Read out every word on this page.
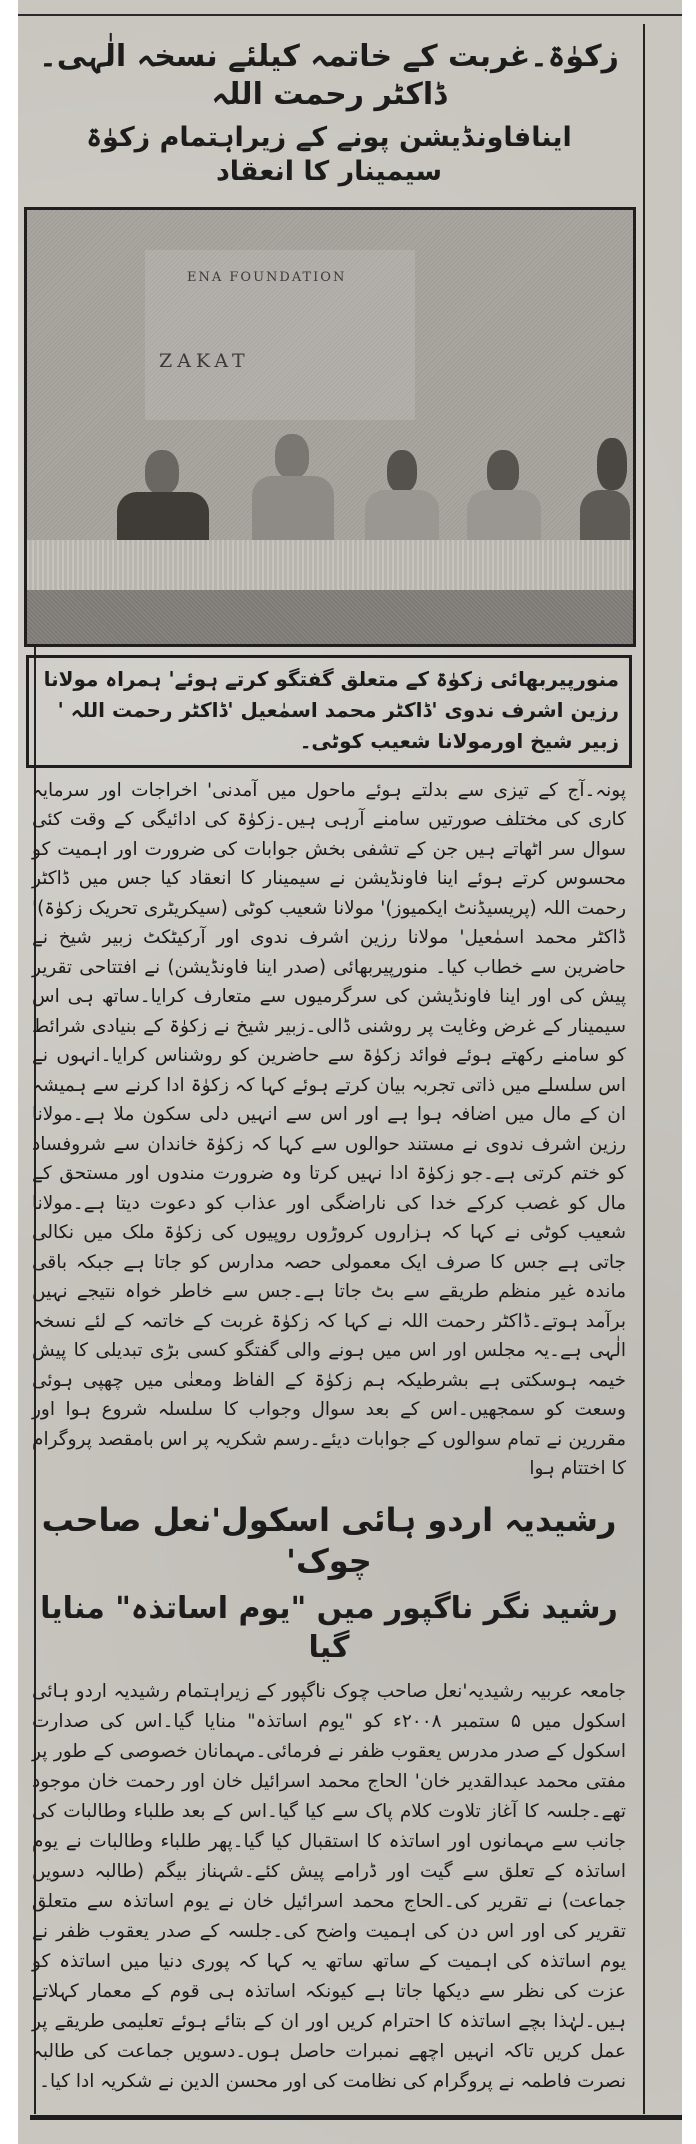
زکوٰۃ۔غربت کے خاتمہ کیلئے نسخہ الٰہی۔ڈاکٹر رحمت اللہ
اینافاونڈیشن پونے کے زیراہتمام زکوٰۃ سیمینار کا انعقاد
ENA FOUNDATION
ZAKAT
منورپیربھائی زکوٰۃ کے متعلق گفتگو کرتے ہوئے' ہمراہ مولانا رزین اشرف ندوی 'ڈاکٹر محمد اسمٰعیل 'ڈاکٹر رحمت اللہ ' زبیر شیخ اورمولانا شعیب کوٹی۔

پونہ۔آج کے تیزی سے بدلتے ہوئے ماحول میں آمدنی' اخراجات اور سرمایہ کاری کی مختلف صورتیں سامنے آرہی ہیں۔زکوٰۃ کی ادائیگی کے وقت کئی سوال سر اٹھاتے ہیں جن کے تشفی بخش جوابات کی ضرورت اور اہمیت کو محسوس کرتے ہوئے اینا فاونڈیشن نے سیمینار کا انعقاد کیا جس میں ڈاکٹر رحمت اللہ (پریسیڈنٹ ایکمیوز)' مولانا شعیب کوٹی (سیکریٹری تحریک زکوٰۃ)' ڈاکٹر محمد اسمٰعیل' مولانا رزین اشرف ندوی اور آرکیٹکٹ زبیر شیخ نے حاضرین سے خطاب کیا۔ منورپیربھائی (صدر اینا فاونڈیشن) نے افتتاحی تقریر پیش کی اور اینا فاونڈیشن کی سرگرمیوں سے متعارف کرایا۔ساتھ ہی اس سیمینار کے غرض وغایت پر روشنی ڈالی۔زبیر شیخ نے زکوٰۃ کے بنیادی شرائط کو سامنے رکھتے ہوئے فوائد زکوٰۃ سے حاضرین کو روشناس کرایا۔انہوں نے اس سلسلے میں ذاتی تجربہ بیان کرتے ہوئے کہا کہ زکوٰۃ ادا کرنے سے ہمیشہ ان کے مال میں اضافہ ہوا ہے اور اس سے انہیں دلی سکون ملا ہے۔مولانا رزین اشرف ندوی نے مستند حوالوں سے کہا کہ زکوٰۃ خاندان سے شروفساد کو ختم کرتی ہے۔جو زکوٰۃ ادا نہیں کرتا وہ ضرورت مندوں اور مستحق کے مال کو غصب کرکے خدا کی ناراضگی اور عذاب کو دعوت دیتا ہے۔مولانا شعیب کوٹی نے کہا کہ ہزاروں کروڑوں روپیوں کی زکوٰۃ ملک میں نکالی جاتی ہے جس کا صرف ایک معمولی حصہ مدارس کو جاتا ہے جبکہ باقی ماندہ غیر منظم طریقے سے بٹ جاتا ہے۔جس سے خاطر خواہ نتیجے نہیں برآمد ہوتے۔ڈاکٹر رحمت اللہ نے کہا کہ زکوٰۃ غربت کے خاتمہ کے لئے نسخہ الٰہی ہے۔یہ مجلس اور اس میں ہونے والی گفتگو کسی بڑی تبدیلی کا پیش خیمہ ہوسکتی ہے بشرطیکہ ہم زکوٰۃ کے الفاظ ومعنٰی میں چھپی ہوئی وسعت کو سمجھیں۔اس کے بعد سوال وجواب کا سلسلہ شروع ہوا اور مقررین نے تمام سوالوں کے جوابات دیئے۔رسم شکریہ پر اس بامقصد پروگرام کا اختتام ہوا

رشیدیہ اردو ہائی اسکول'نعل صاحب چوک'
رشید نگر ناگپور میں "یوم اساتذہ" منایا گیا

جامعہ عربیہ رشیدیہ'نعل صاحب چوک ناگپور کے زیراہتمام رشیدیہ اردو ہائی اسکول میں ۵ ستمبر ۲۰۰۸ء کو "یوم اساتذہ" منایا گیا۔اس کی صدارت اسکول کے صدر مدرس یعقوب ظفر نے فرمائی۔مہمانان خصوصی کے طور پر مفتی محمد عبدالقدیر خان' الحاج محمد اسرائیل خان اور رحمت خان موجود تھے۔جلسہ کا آغاز تلاوت کلام پاک سے کیا گیا۔اس کے بعد طلباء وطالبات کی جانب سے مہمانوں اور اساتذہ کا استقبال کیا گیا۔پھر طلباء وطالبات نے یوم اساتذہ کے تعلق سے گیت اور ڈرامے پیش کئے۔شہناز بیگم (طالبہ دسویں جماعت) نے تقریر کی۔الحاج محمد اسرائیل خان نے یوم اساتذہ سے متعلق تقریر کی اور اس دن کی اہمیت واضح کی۔جلسہ کے صدر یعقوب ظفر نے یوم اساتذہ کی اہمیت کے ساتھ ساتھ یہ کہا کہ پوری دنیا میں اساتذہ کو عزت کی نظر سے دیکھا جاتا ہے کیونکہ اساتذہ ہی قوم کے معمار کہلاتے ہیں۔لہٰذا بچے اساتذہ کا احترام کریں اور ان کے بتائے ہوئے تعلیمی طریقے پر عمل کریں تاکہ انہیں اچھے نمبرات حاصل ہوں۔دسویں جماعت کی طالبہ نصرت فاطمہ نے پروگرام کی نظامت کی اور محسن الدین نے شکریہ ادا کیا۔
